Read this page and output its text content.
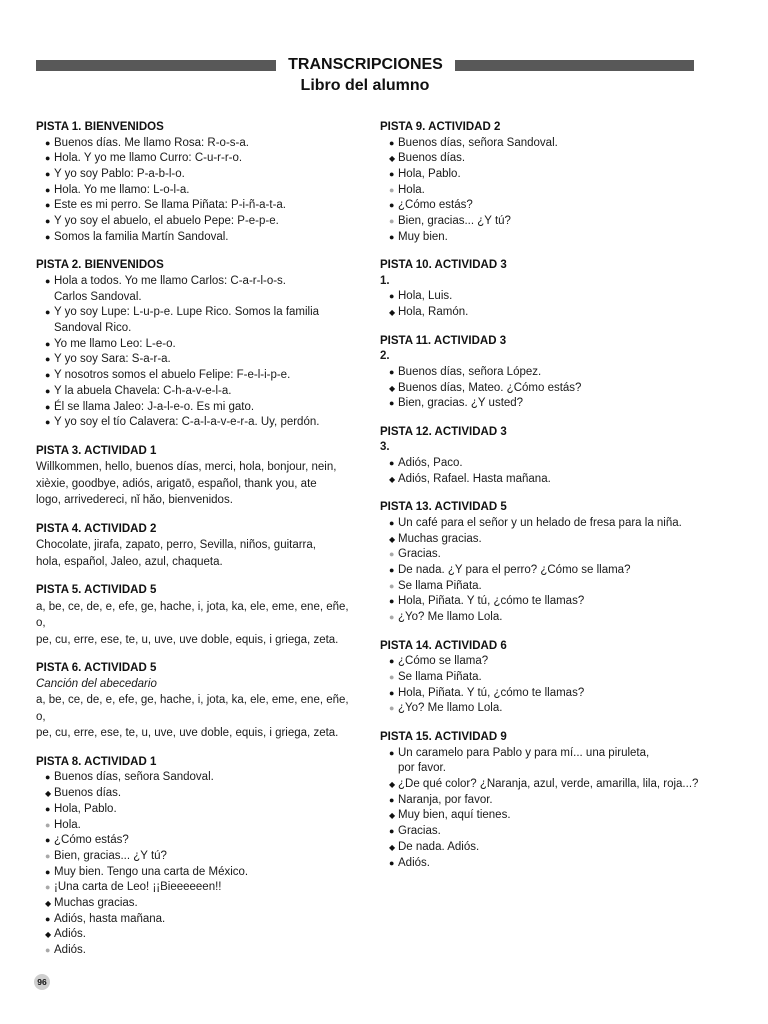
TRANSCRIPCIONES
Libro del alumno
PISTA 1. BIENVENIDOS
● Buenos días. Me llamo Rosa: R-o-s-a.
● Hola. Y yo me llamo Curro: C-u-r-r-o.
● Y yo soy Pablo: P-a-b-l-o.
● Hola. Yo me llamo: L-o-l-a.
● Este es mi perro. Se llama Piñata: P-i-ñ-a-t-a.
● Y yo soy el abuelo, el abuelo Pepe: P-e-p-e.
● Somos la familia Martín Sandoval.
PISTA 2. BIENVENIDOS
● Hola a todos. Yo me llamo Carlos: C-a-r-l-o-s.
Carlos Sandoval.
● Y yo soy Lupe: L-u-p-e. Lupe Rico. Somos la familia
Sandoval Rico.
● Yo me llamo Leo: L-e-o.
● Y yo soy Sara: S-a-r-a.
● Y nosotros somos el abuelo Felipe: F-e-l-i-p-e.
● Y la abuela Chavela: C-h-a-v-e-l-a.
● Él se llama Jaleo: J-a-l-e-o. Es mi gato.
● Y yo soy el tío Calavera: C-a-l-a-v-e-r-a. Uy, perdón.
PISTA 3. ACTIVIDAD 1
Willkommen, hello, buenos días, merci, hola, bonjour, nein,
xièxie, goodbye, adiós, arigatō, español, thank you, ate
logo, arrivedereci, nǐ hǎo, bienvenidos.
PISTA 4. ACTIVIDAD 2
Chocolate, jirafa, zapato, perro, Sevilla, niños, guitarra,
hola, español, Jaleo, azul, chaqueta.
PISTA 5. ACTIVIDAD 5
a, be, ce, de, e, efe, ge, hache, i, jota, ka, ele, eme, ene, eñe, o,
pe, cu, erre, ese, te, u, uve, uve doble, equis, i griega, zeta.
PISTA 6. ACTIVIDAD 5
Canción del abecedario
a, be, ce, de, e, efe, ge, hache, i, jota, ka, ele, eme, ene, eñe, o,
pe, cu, erre, ese, te, u, uve, uve doble, equis, i griega, zeta.
PISTA 8. ACTIVIDAD 1
● Buenos días, señora Sandoval.
◆ Buenos días.
● Hola, Pablo.
● Hola.
● ¿Cómo estás?
● Bien, gracias... ¿Y tú?
● Muy bien. Tengo una carta de México.
● ¡Una carta de Leo! ¡¡Bieeeeeen!!
◆ Muchas gracias.
● Adiós, hasta mañana.
◆ Adiós.
● Adiós.
PISTA 9. ACTIVIDAD 2
● Buenos días, señora Sandoval.
◆ Buenos días.
● Hola, Pablo.
● Hola.
● ¿Cómo estás?
● Bien, gracias... ¿Y tú?
● Muy bien.
PISTA 10. ACTIVIDAD 3
1.
● Hola, Luis.
◆ Hola, Ramón.
PISTA 11. ACTIVIDAD 3
2.
● Buenos días, señora López.
◆ Buenos días, Mateo. ¿Cómo estás?
● Bien, gracias. ¿Y usted?
PISTA 12. ACTIVIDAD 3
3.
● Adiós, Paco.
◆ Adiós, Rafael. Hasta mañana.
PISTA 13. ACTIVIDAD 5
● Un café para el señor y un helado de fresa para la niña.
◆ Muchas gracias.
● Gracias.
● De nada. ¿Y para el perro? ¿Cómo se llama?
● Se llama Piñata.
● Hola, Piñata. Y tú, ¿cómo te llamas?
● ¿Yo? Me llamo Lola.
PISTA 14. ACTIVIDAD 6
● ¿Cómo se llama?
● Se llama Piñata.
● Hola, Piñata. Y tú, ¿cómo te llamas?
● ¿Yo? Me llamo Lola.
PISTA 15. ACTIVIDAD 9
● Un caramelo para Pablo y para mí... una piruleta,
por favor.
◆ ¿De qué color? ¿Naranja, azul, verde, amarilla, lila, roja...?
● Naranja, por favor.
◆ Muy bien, aquí tienes.
● Gracias.
◆ De nada. Adiós.
● Adiós.
96
